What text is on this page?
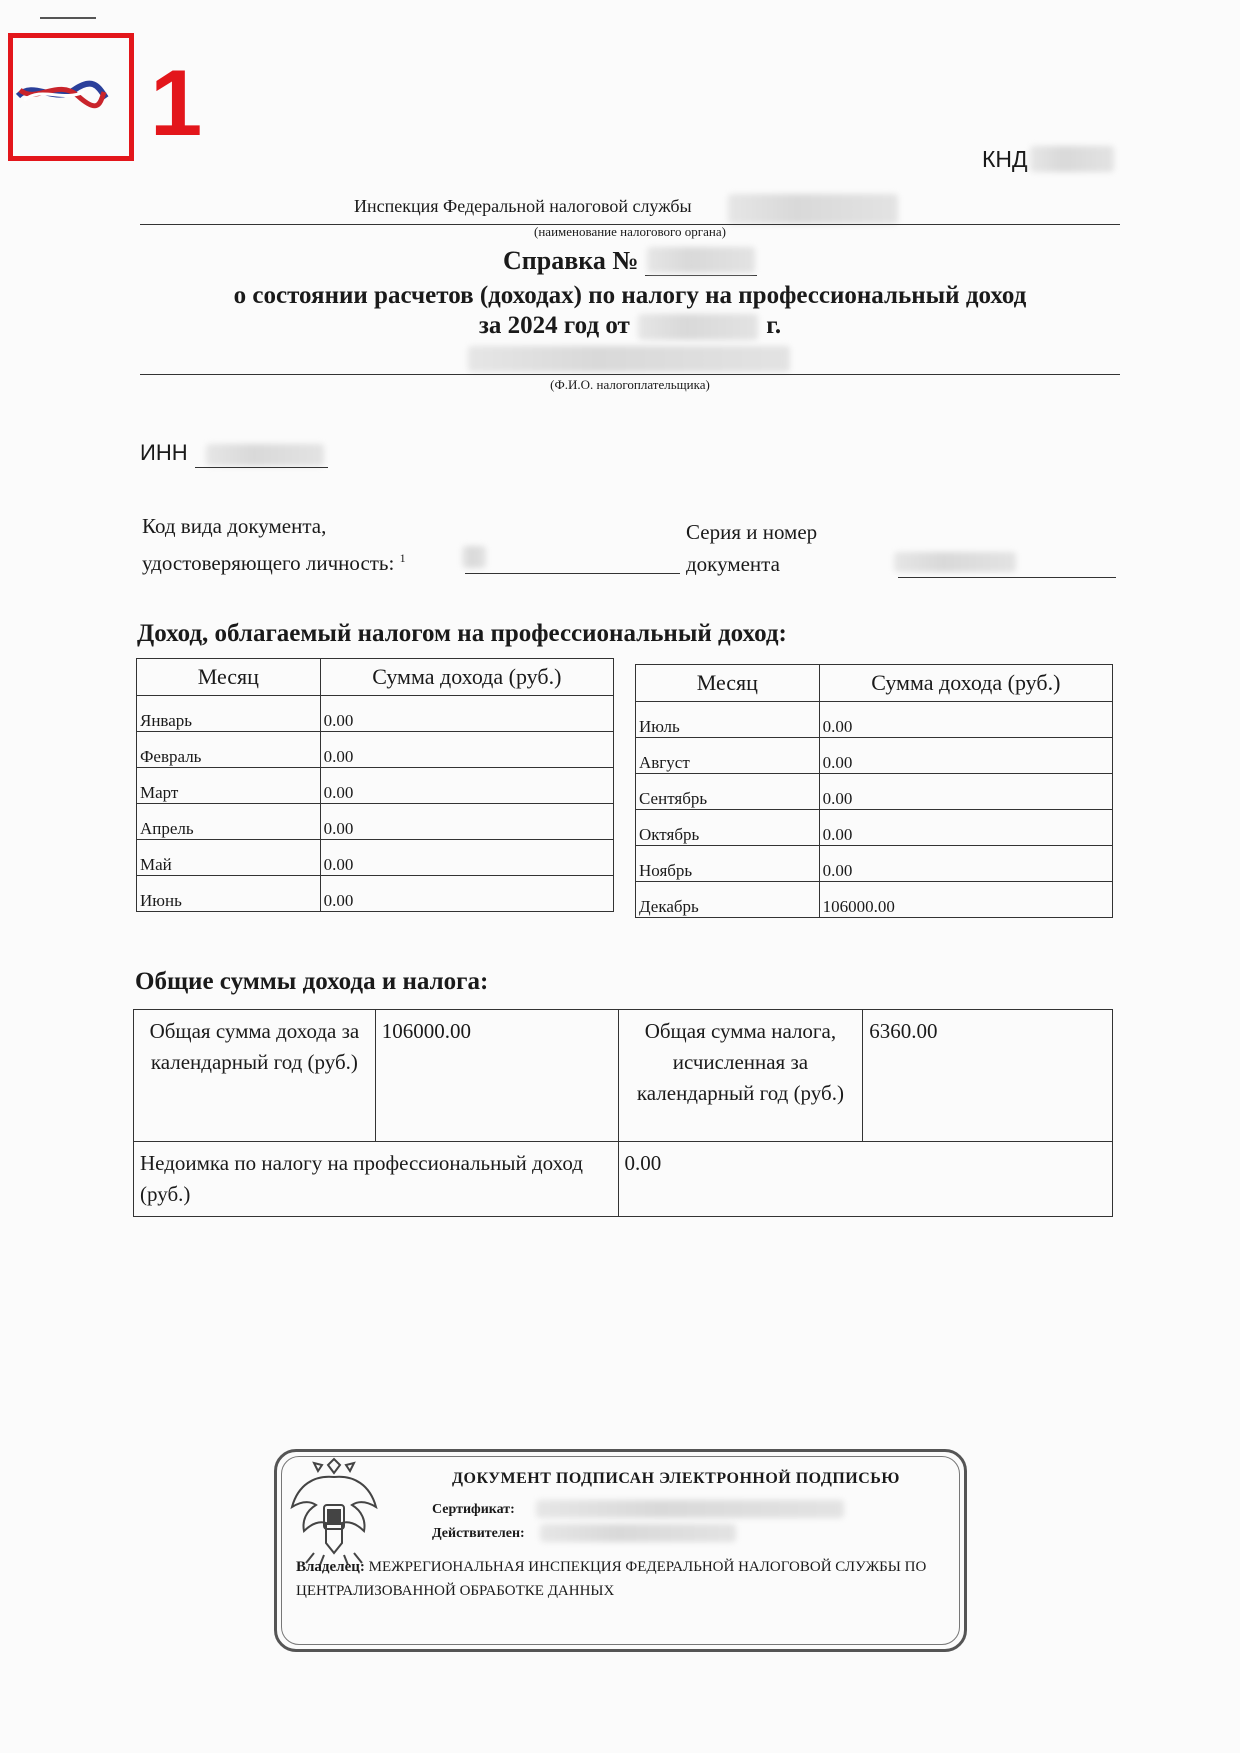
1
КНД
Инспекция Федеральной налоговой службы
(наименование налогового органа)
Справка №
о состоянии расчетов (доходах) по налогу на профессиональный доход
за 2024 год от	г.
(Ф.И.О. налогоплательщика)
ИНН
Код вида документа,
удостоверяющего личность: $^1$
Серия и номер
документа
Доход, облагаемый налогом на профессиональный доход:
Месяц	Сумма дохода (руб.)
Январь	0.00
Февраль	0.00
Март	0.00
Апрель	0.00
Май	0.00
Июнь	0.00
Месяц	Сумма дохода (руб.)
Июль	0.00
Август	0.00
Сентябрь	0.00
Октябрь	0.00
Ноябрь	0.00
Декабрь	106000.00
Общие суммы дохода и налога:
Общая сумма дохода за календарный год (руб.)	106000.00	Общая сумма налога, исчисленная за календарный год (руб.)	6360.00
Недоимка по налогу на профессиональный доход (руб.)		0.00	
ДОКУМЕНТ ПОДПИСАН ЭЛЕКТРОННОЙ ПОДПИСЬЮ
Сертификат:
Действителен:
Владелец: МЕЖРЕГИОНАЛЬНАЯ ИНСПЕКЦИЯ ФЕДЕРАЛЬНОЙ НАЛОГОВОЙ СЛУЖБЫ ПО ЦЕНТРАЛИЗОВАННОЙ ОБРАБОТКЕ ДАННЫХ
